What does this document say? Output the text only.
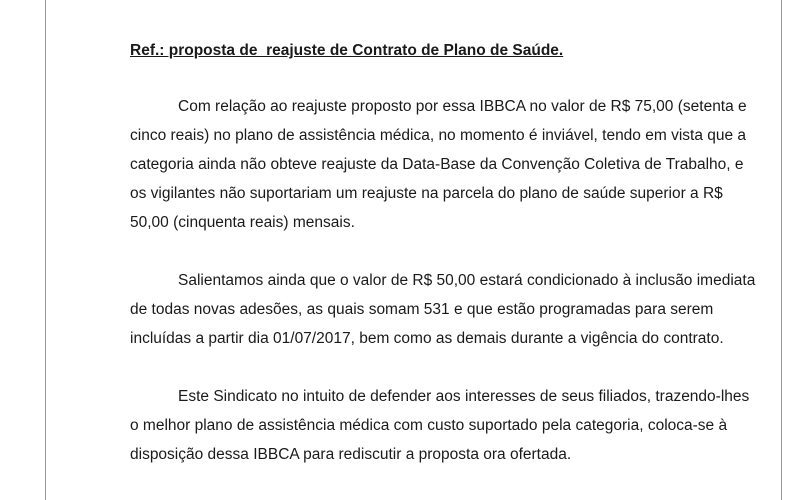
Ref.: proposta de  reajuste de Contrato de Plano de Saúde.

Com relação ao reajuste proposto por essa IBBCA no valor de R$ 75,00 (setenta e
cinco reais) no plano de assistência médica, no momento é inviável, tendo em vista que a
categoria ainda não obteve reajuste da Data-Base da Convenção Coletiva de Trabalho, e
os vigilantes não suportariam um reajuste na parcela do plano de saúde superior a R$
50,00 (cinquenta reais) mensais.
Salientamos ainda que o valor de R$ 50,00 estará condicionado à inclusão imediata
de todas novas adesões, as quais somam 531 e que estão programadas para serem
incluídas a partir dia 01/07/2017, bem como as demais durante a vigência do contrato.
Este Sindicato no intuito de defender aos interesses de seus filiados, trazendo-lhes
o melhor plano de assistência médica com custo suportado pela categoria, coloca-se à
disposição dessa IBBCA para rediscutir a proposta ora ofertada.
